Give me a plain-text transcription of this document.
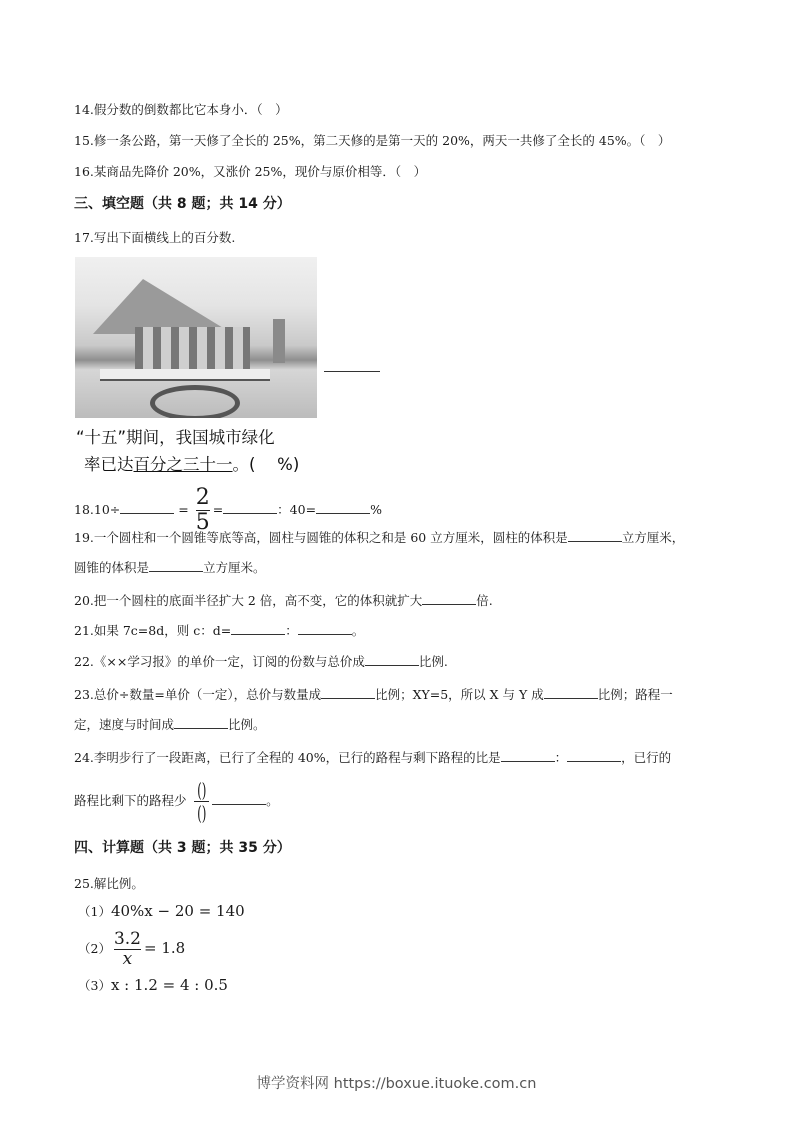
14.假分数的倒数都比它本身小．（　）
15.修一条公路，第一天修了全长的 25%，第二天修的是第一天的 20%，两天一共修了全长的 45%。（　）
16.某商品先降价 20%，又涨价 25%，现价与原价相等．（　）
三、填空题（共 8 题；共 14 分）
17.写出下面横线上的百分数.
“十五”期间，我国城市绿化
率已达百分之三十一。(　 %)
18.10÷	= $\frac{2}{5}$ =	：40=	%
19.一个圆柱和一个圆锥等底等高，圆柱与圆锥的体积之和是 60 立方厘米，圆柱的体积是	立方厘米，
圆锥的体积是	立方厘米。
20.把一个圆柱的底面半径扩大 2 倍，高不变，它的体积就扩大	倍.
21.如果 7c=8d，则 c：d=	：	。
22.《××学习报》的单价一定，订阅的份数与总价成	比例.
23.总价÷数量=单价（一定），总价与数量成	比例；XY=5，所以 X 与 Y 成	比例；路程一
定，速度与时间成	比例。
24.李明步行了一段距离，已行了全程的 40%，已行的路程与剩下路程的比是	：	，已行的
路程比剩下的路程少 $\frac{()}{()}$	。
四、计算题（共 3 题；共 35 分）
25.解比例。
（1）40%x − 20 = 140
$(2) \frac{3.2}{x} = 1.8$
（3）x : 1.2 = 4 : 0.5
博学资料网 https://boxue.ituoke.com.cn
